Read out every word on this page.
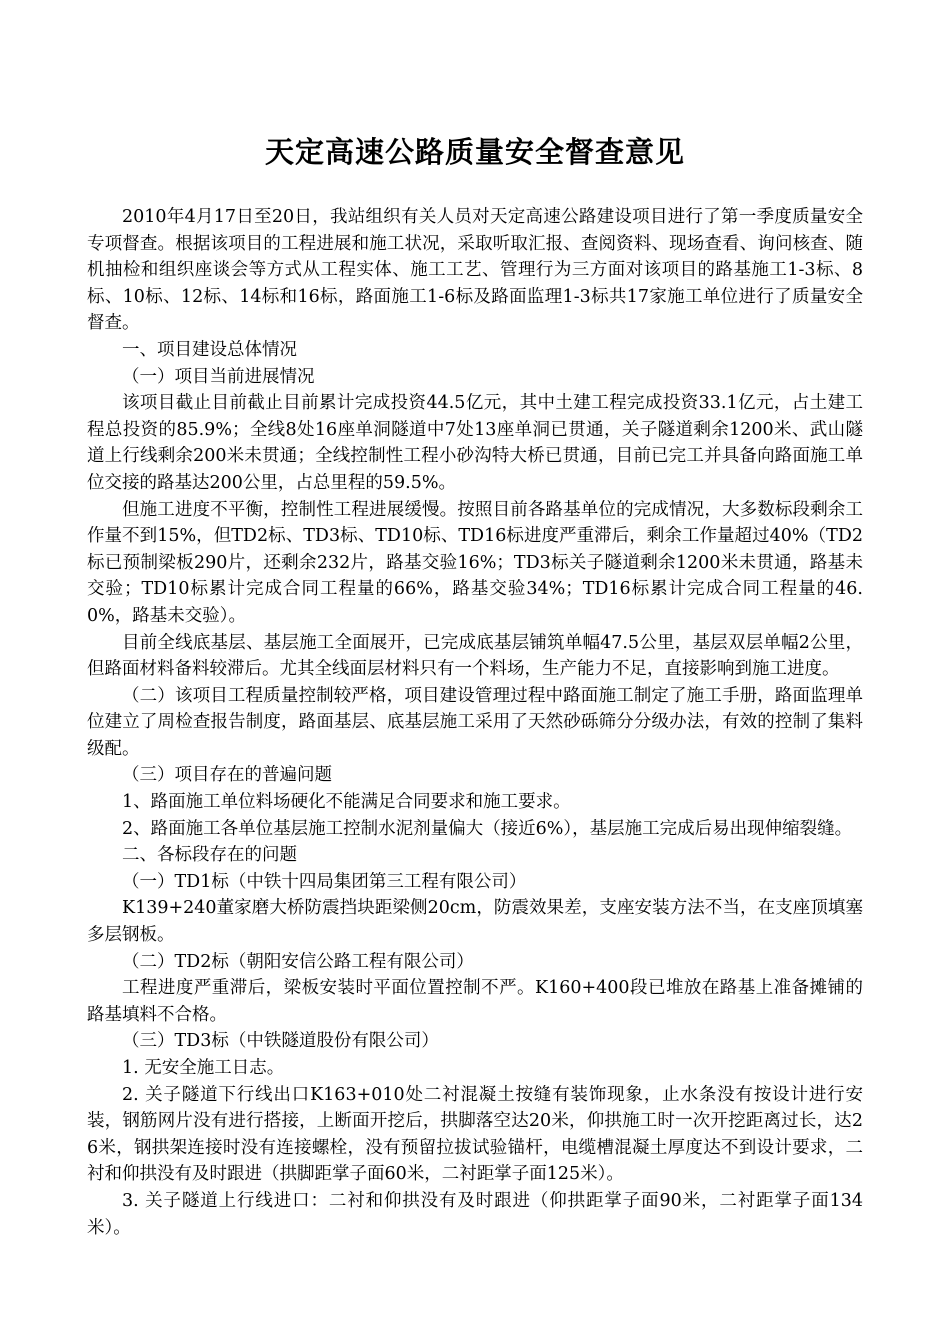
天定高速公路质量安全督查意见

2010年4月17日至20日，我站组织有关人员对天定高速公路建设项目进行了第一季度质量安全专项督查。根据该项目的工程进展和施工状况，采取听取汇报、查阅资料、现场查看、询问核查、随机抽检和组织座谈会等方式从工程实体、施工工艺、管理行为三方面对该项目的路基施工1-3标、8标、10标、12标、14标和16标，路面施工1-6标及路面监理1-3标共17家施工单位进行了质量安全督查。

一、项目建设总体情况

（一）项目当前进展情况

该项目截止目前截止目前累计完成投资44.5亿元，其中土建工程完成投资33.1亿元，占土建工程总投资的85.9%；全线8处16座单洞隧道中7处13座单洞已贯通，关子隧道剩余1200米、武山隧道上行线剩余200米未贯通；全线控制性工程小砂沟特大桥已贯通，目前已完工并具备向路面施工单位交接的路基达200公里，占总里程的59.5%。

但施工进度不平衡，控制性工程进展缓慢。按照目前各路基单位的完成情况，大多数标段剩余工作量不到15%，但TD2标、TD3标、TD10标、TD16标进度严重滞后，剩余工作量超过40%（TD2标已预制梁板290片，还剩余232片，路基交验16%；TD3标关子隧道剩余1200米未贯通，路基未交验；TD10标累计完成合同工程量的66%，路基交验34%；TD16标累计完成合同工程量的46.0%，路基未交验）。

目前全线底基层、基层施工全面展开，已完成底基层铺筑单幅47.5公里，基层双层单幅2公里，但路面材料备料较滞后。尤其全线面层材料只有一个料场，生产能力不足，直接影响到施工进度。

（二）该项目工程质量控制较严格，项目建设管理过程中路面施工制定了施工手册，路面监理单位建立了周检查报告制度，路面基层、底基层施工采用了天然砂砾筛分分级办法，有效的控制了集料级配。

（三）项目存在的普遍问题

1、路面施工单位料场硬化不能满足合同要求和施工要求。

2、路面施工各单位基层施工控制水泥剂量偏大（接近6%），基层施工完成后易出现伸缩裂缝。

二、各标段存在的问题

（一）TD1标（中铁十四局集团第三工程有限公司）

K139+240董家磨大桥防震挡块距梁侧20cm，防震效果差，支座安装方法不当，在支座顶填塞多层钢板。

（二）TD2标（朝阳安信公路工程有限公司）

工程进度严重滞后，梁板安装时平面位置控制不严。K160+400段已堆放在路基上准备摊铺的路基填料不合格。

（三）TD3标（中铁隧道股份有限公司）

1. 无安全施工日志。

2. 关子隧道下行线出口K163+010处二衬混凝土按缝有装饰现象，止水条没有按设计进行安装，钢筋网片没有进行搭接，上断面开挖后，拱脚落空达20米，仰拱施工时一次开挖距离过长，达26米，钢拱架连接时没有连接螺栓，没有预留拉拔试验锚杆，电缆槽混凝土厚度达不到设计要求，二衬和仰拱没有及时跟进（拱脚距掌子面60米，二衬距掌子面125米）。

3. 关子隧道上行线进口：二衬和仰拱没有及时跟进（仰拱距掌子面90米，二衬距掌子面134米）。
